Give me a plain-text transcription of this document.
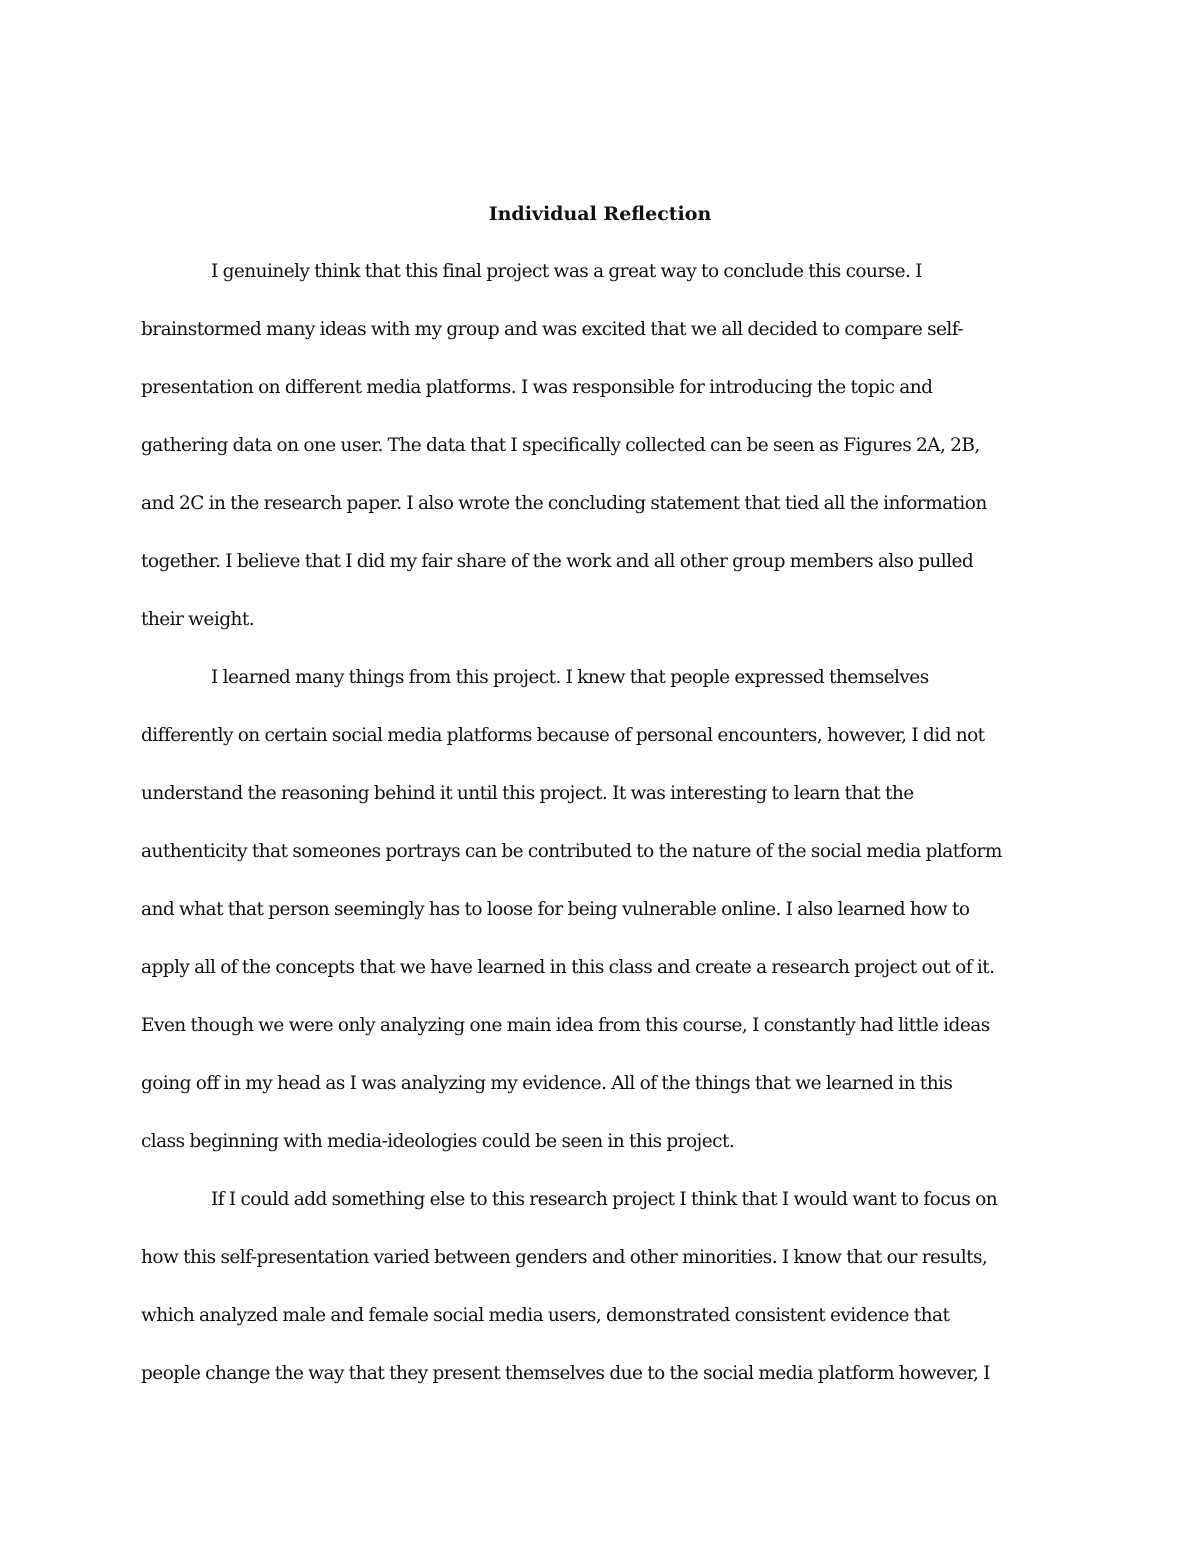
Individual Reflection

I genuinely think that this final project was a great way to conclude this course. I

brainstormed many ideas with my group and was excited that we all decided to compare self-

presentation on different media platforms. I was responsible for introducing the topic and

gathering data on one user. The data that I specifically collected can be seen as Figures 2A, 2B,

and 2C in the research paper. I also wrote the concluding statement that tied all the information

together. I believe that I did my fair share of the work and all other group members also pulled

their weight.

I learned many things from this project. I knew that people expressed themselves

differently on certain social media platforms because of personal encounters, however, I did not

understand the reasoning behind it until this project. It was interesting to learn that the

authenticity that someones portrays can be contributed to the nature of the social media platform

and what that person seemingly has to loose for being vulnerable online. I also learned how to

apply all of the concepts that we have learned in this class and create a research project out of it.

Even though we were only analyzing one main idea from this course, I constantly had little ideas

going off in my head as I was analyzing my evidence. All of the things that we learned in this

class beginning with media-ideologies could be seen in this project.

If I could add something else to this research project I think that I would want to focus on

how this self-presentation varied between genders and other minorities. I know that our results,

which analyzed male and female social media users, demonstrated consistent evidence that

people change the way that they present themselves due to the social media platform however, I
